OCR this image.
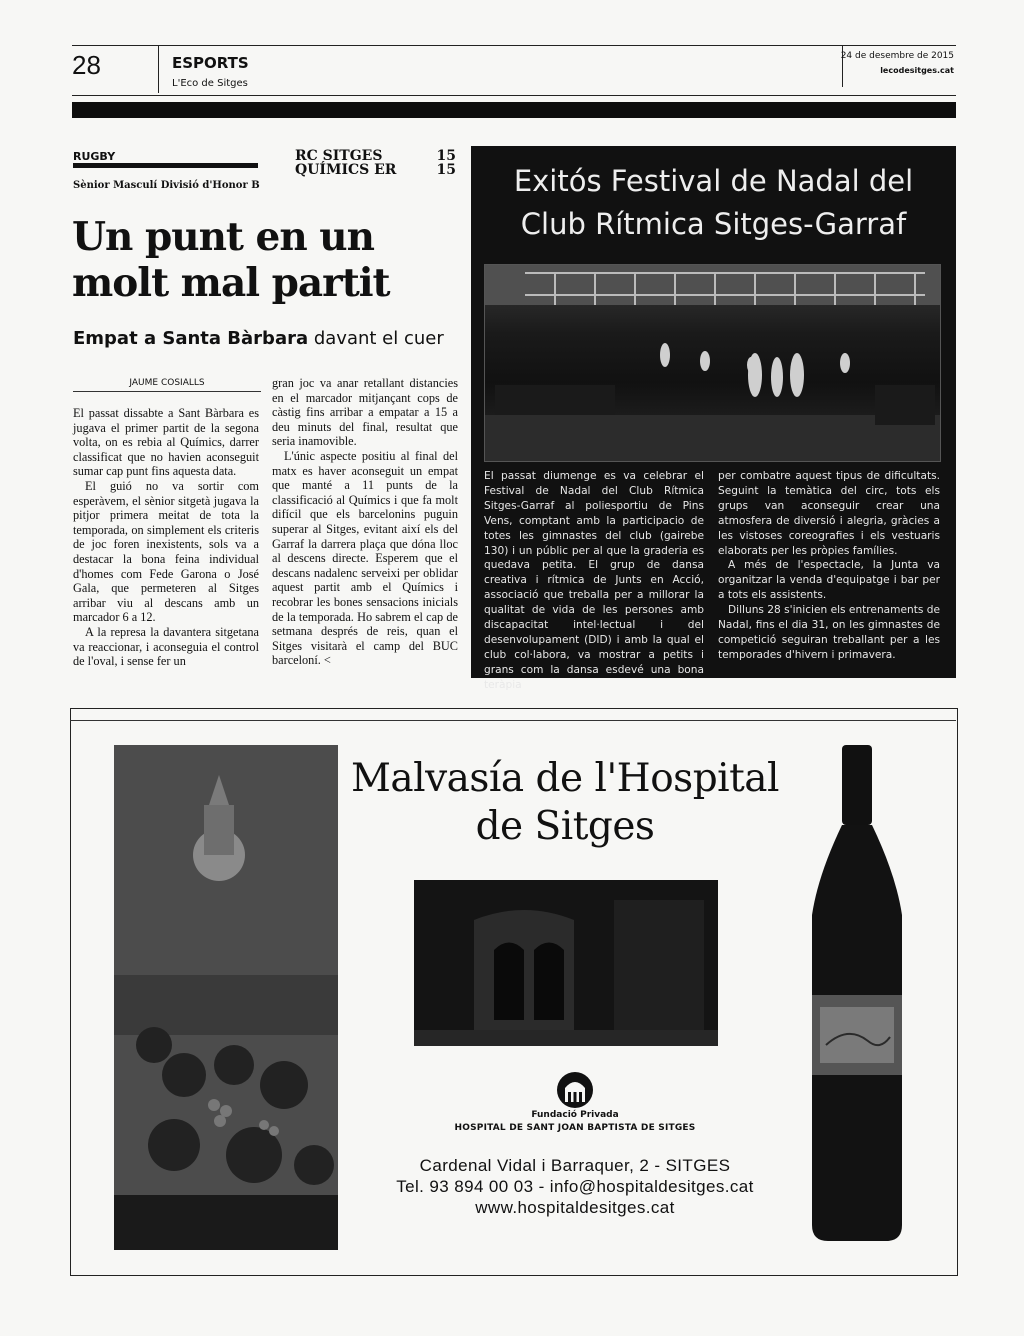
28	ESPORTS
L'Eco de Sitges
24 de desembre de 2015
lecodesitges.cat
RUGBY
Sènior Masculí Divisió d'Honor B
RC SITGES	15
QUÍMICS ER	15
Un punt en un
molt mal partit
Empat a Santa Bàrbara davant el cuer
JAUME COSIALLS

El passat dissabte a Sant Bàrbara es jugava el primer partit de la segona volta, on es rebia al Químics, darrer classificat que no havien aconseguit sumar cap punt fins aquesta data.

El guió no va sortir com esperàvem, el sènior sitgetà jugava la pitjor primera meitat de tota la temporada, on simplement els criteris de joc foren inexistents, sols va a destacar la bona feina individual d'homes com Fede Garona o José Gala, que permeteren al Sitges arribar viu al descans amb un marcador 6 a 12.

A la represa la davantera sitgetana va reaccionar, i aconseguia el control de l'oval, i sense fer un

gran joc va anar retallant distancies en el marcador mitjançant cops de càstig fins arribar a empatar a 15 a deu minuts del final, resultat que seria inamovible.

L'únic aspecte positiu al final del matx es haver aconseguit un empat que manté a 11 punts de la classificació al Químics i que fa molt difícil que els barcelonins puguin superar al Sitges, evitant així els del Garraf la darrera plaça que dóna lloc al descens directe. Esperem que el descans nadalenc serveixi per oblidar aquest partit amb el Químics i recobrar les bones sensacions inicials de la temporada. Ho sabrem el cap de setmana després de reis, quan el Sitges visitarà el camp del BUC barceloní. <

Exitós Festival de Nadal del
Club Rítmica Sitges-Garraf

El passat diumenge es va celebrar el Festival de Nadal del Club Rítmica Sitges-Garraf al poliesportiu de Pins Vens, comptant amb la participacio de totes les gimnastes del club (gairebe 130) i un públic per al que la graderia es quedava petita. El grup de dansa creativa i rítmica de Junts en Acció, associació que treballa per a millorar la qualitat de vida de les persones amb discapacitat intel·lectual i del desenvolupament (DID) i amb la qual el club col·labora, va mostrar a petits i grans com la dansa esdevé una bona teràpia

per combatre aquest tipus de dificultats. Seguint la temàtica del circ, tots els grups van aconseguir crear una atmosfera de diversió i alegria, gràcies a les vistoses coreografies i els vestuaris elaborats per les pròpies famílies.

A més de l'espectacle, la Junta va organitzar la venda d'equipatge i bar per a tots els assistents.

Dilluns 28 s'inicien els entrenaments de Nadal, fins el dia 31, on les gimnastes de competició seguiran treballant per a les temporades d'hivern i primavera.

Malvasía de l'Hospital
de Sitges
Fundació Privada
HOSPITAL DE SANT JOAN BAPTISTA DE SITGES
Cardenal Vidal i Barraquer, 2 - SITGES
Tel. 93 894 00 03 - info@hospitaldesitges.cat
www.hospitaldesitges.cat
